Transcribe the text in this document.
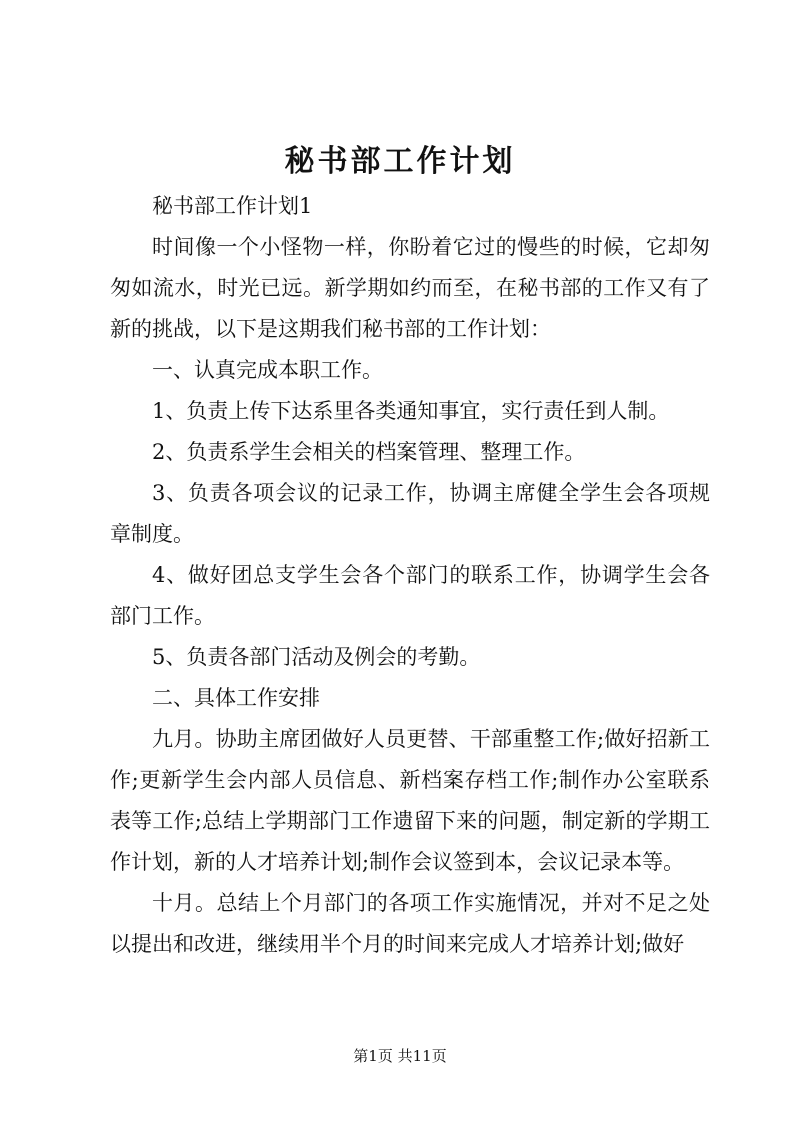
秘书部工作计划

秘书部工作计划1

时间像一个小怪物一样，你盼着它过的慢些的时候，它却匆匆如流水，时光已远。新学期如约而至，在秘书部的工作又有了新的挑战，以下是这期我们秘书部的工作计划：

一、认真完成本职工作。

1、负责上传下达系里各类通知事宜，实行责任到人制。

2、负责系学生会相关的档案管理、整理工作。

3、负责各项会议的记录工作，协调主席健全学生会各项规章制度。

4、做好团总支学生会各个部门的联系工作，协调学生会各部门工作。

5、负责各部门活动及例会的考勤。

二、具体工作安排

九月。协助主席团做好人员更替、干部重整工作;做好招新工作;更新学生会内部人员信息、新档案存档工作;制作办公室联系表等工作;总结上学期部门工作遗留下来的问题，制定新的学期工作计划，新的人才培养计划;制作会议签到本，会议记录本等。

十月。总结上个月部门的各项工作实施情况，并对不足之处以提出和改进，继续用半个月的时间来完成人才培养计划;做好

第1页 共11页
